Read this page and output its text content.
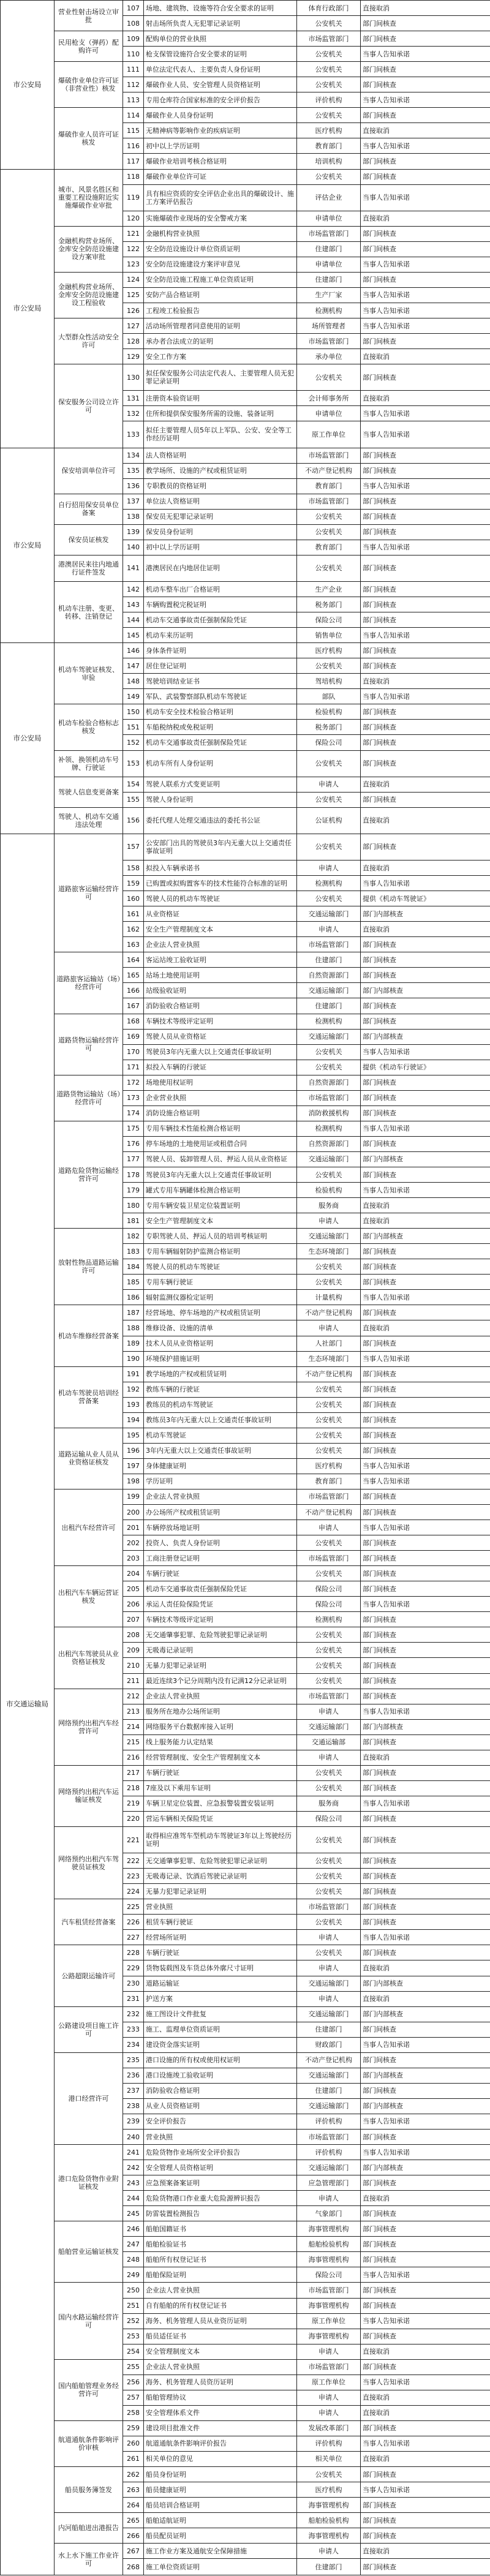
市公安局	营业性射击场设立审批	107	场地、建筑物、设施等符合安全要求的证明	体育行政部门	直接取消
		108	射击场所负责人无犯罪记录证明	公安机关	部门间核查
	民用枪支（弹药）配购许可	109	配购单位的营业执照	市场监管部门	部门间核查
		110	枪支保管设施符合安全要求的证明	公安机关	当事人告知承诺
	爆破作业单位许可证（非营业性）核发	111	单位法定代表人、主要负责人身份证明	公安机关	部门间核查
		112	爆破作业人员、安全管理人员资格证明	公安机关	部门间核查
		113	专用仓库符合国家标准的安全评价报告	评价机构	当事人告知承诺
	爆破作业人员许可证核发	114	爆破作业人员身份证明	公安机关	部门间核查
		115	无精神病等影响作业的疾病证明	医疗机构	直接取消
		116	初中以上学历证明	教育部门	当事人告知承诺
		117	爆破作业培训考核合格证明	培训机构	部门间核查
市公安局	城市、风景名胜区和重要工程设施附近实施爆破作业审批	118	爆破作业单位许可证	公安机关	部门间核查
		119	具有相应资质的安全评估企业出具的爆破设计、施工方案评估报告	评估企业	当事人告知承诺
		120	实施爆破作业现场的安全警戒方案	申请单位	直接取消
	金融机构营业场所、金库安全防范设施建设方案审批	121	金融机构营业执照	市场监管部门	部门间核查
		122	安全防范设施设计单位资质证明	住建部门	部门间核查
		123	安全防范设施建设方案评审意见	申请单位	当事人告知承诺
	金融机构营业场所、金库安全防范设施建设工程验收	124	安全防范设施工程施工单位资质证明	住建部门	部门间核查
		125	安防产品合格证明	生产厂家	当事人告知承诺
		126	工程竣工检验报告	检测机构	当事人告知承诺
	大型群众性活动安全许可	127	活动场所管理者同意使用的证明	场所管理者	当事人告知承诺
		128	承办者合法成立的证明	市场监管部门	部门间核查
		129	安全工作方案	承办单位	直接取消
	保安服务公司设立许可	130	拟任保安服务公司法定代表人、主要管理人员无犯罪记录证明	公安机关	部门间核查
		131	注册资本验资证明	会计师事务所	直接取消
		132	住所和提供保安服务所需的设施、装备证明	申请单位	当事人告知承诺
		133	拟任主要管理人员5年以上军队、公安、安全等工作经历证明	原工作单位	当事人告知承诺
市公安局	保安培训单位许可	134	法人资格证明	市场监管部门	部门间核查
		135	教学场所、设施的产权或租赁证明	不动产登记机构	部门间核查
		136	专职教员的资格证明	教育部门	当事人告知承诺
	自行招用保安员单位备案	137	单位法人资格证明	市场监管部门	部门间核查
		138	保安员无犯罪记录证明	公安机关	部门间核查
	保安员证核发	139	保安员身份证明	公安机关	部门间核查
		140	初中以上学历证明	教育部门	当事人告知承诺
	港澳居民来往内地通行证件签发	141	港澳居民在内地居住证明	公安机关	部门间核查
	机动车注册、变更、转移、注销登记	142	机动车整车出厂合格证明	生产企业	部门间核查
		143	车辆购置税完税证明	税务部门	部门间核查
		144	机动车交通事故责任强制保险凭证	保险公司	部门间核查
		145	机动车来历证明	销售单位	当事人告知承诺
市公安局	机动车驾驶证核发、审验	146	身体条件证明	医疗机构	部门间核查
		147	居住登记证明	公安机关	部门间核查
		148	驾驶培训结业证书	驾培机构	直接取消
		149	军队、武装警察部队机动车驾驶证	部队	当事人告知承诺
	机动车检验合格标志核发	150	机动车安全技术检验合格证明	检验机构	部门间核查
		151	车船税纳税或免税证明	税务部门	部门间核查
		152	机动车交通事故责任强制保险凭证	保险公司	部门间核查
	补领、换领机动车号牌、行驶证	153	机动车所有人身份证明	公安机关	部门间核查
	驾驶人信息变更备案	154	驾驶人联系方式变更证明	申请人	直接取消
		155	驾驶人身份证明	公安机关	部门间核查
	驾驶人、机动车交通违法处理	156	委托代理人处理交通违法的委托书公证	公证机构	直接取消
市交通运输局	道路旅客运输经营许可	157	公安部门出具的驾驶员3年内无重大以上交通责任事故证明	公安机关	部门间核查
		158	拟投入车辆承诺书	申请人	直接取消
		159	已购置或拟购置客车的技术性能符合标准的证明	检测机构	当事人告知承诺
		160	驾驶人员的机动车驾驶证	公安机关	提供《机动车驾驶证》
		161	从业资格证	交通运输部门	部门内部核查
		162	安全生产管理制度文本	申请人	直接取消
		163	企业法人营业执照	市场监管部门	部门间核查
	道路旅客运输站（场）经营许可	164	客运站竣工验收证明	住建部门	部门间核查
		165	站场土地使用证明	自然资源部门	部门间核查
		166	站级验收证明	交通运输部门	部门内部核查
		167	消防验收合格证明	住建部门	部门间核查
	道路货物运输经营许可	168	车辆技术等级评定证明	检测机构	部门间核查
		169	驾驶人员从业资格证	交通运输部门	部门内部核查
		170	驾驶员3年内无重大以上交通责任事故证明	公安机关	当事人告知承诺
		171	拟投入车辆的行驶证	公安机关	提供《机动车行驶证》
	道路货物运输站（场）经营许可	172	场地使用权证明	自然资源部门	部门间核查
		173	企业营业执照	市场监管部门	部门间核查
		174	消防设施合格证明	消防救援机构	部门间核查
	道路危险货物运输经营许可	175	专用车辆技术性能检测合格证明	检测机构	当事人告知承诺
		176	停车场地的土地使用证或租借合同	自然资源部门	部门间核查
		177	驾驶人员、装卸管理人员、押运人员从业资格证	交通运输部门	部门内部核查
		178	驾驶员3年内无重大以上交通责任事故证明	公安机关	部门间核查
		179	罐式专用车辆罐体检测合格证明	检验机构	当事人告知承诺
		180	专用车辆安装卫星定位装置证明	服务商	直接取消
		181	安全生产管理制度文本	申请人	直接取消
	放射性物品道路运输许可	182	专职驾驶人员、押运人员的培训考核证明	交通运输部门	部门内部核查
		183	专用车辆辐射防护监测合格证明	生态环境部门	部门间核查
		184	驾驶人员的机动车驾驶证	公安机关	部门间核查
		185	专用车辆行驶证	公安机关	部门间核查
		186	辐射监测仪器检定证明	计量机构	当事人告知承诺
	机动车维修经营备案	187	经营场地、停车场地的产权或租赁证明	不动产登记机构	部门间核查
		188	维修设备、设施的清单	申请人	直接取消
		189	技术人员从业资格证明	人社部门	部门间核查
		190	环境保护措施证明	生态环境部门	当事人告知承诺
	机动车驾驶员培训经营备案	191	教学场地的产权或租赁证明	不动产登记机构	部门间核查
		192	教练车辆的行驶证	公安机关	部门间核查
		193	教练员的机动车驾驶证	公安机关	部门间核查
		194	教练员3年内无重大以上交通责任事故证明	公安机关	部门间核查
	道路运输从业人员从业资格证核发	195	机动车驾驶证	公安机关	部门间核查
		196	3年内无重大以上交通责任事故证明	公安机关	部门间核查
		197	身体健康证明	医疗机构	当事人告知承诺
		198	学历证明	教育部门	当事人告知承诺
	出租汽车经营许可	199	企业法人营业执照	市场监管部门	部门间核查
		200	办公场所产权或租赁证明	不动产登记机构	部门间核查
		201	车辆停放场地证明	申请人	当事人告知承诺
		202	投资人、负责人身份证明	公安机关	部门间核查
		203	工商注册登记证明	市场监管部门	部门间核查
	出租汽车车辆运营证核发	204	车辆行驶证	公安机关	部门间核查
		205	机动车交通事故责任强制保险凭证	保险公司	部门间核查
		206	承运人责任险保险凭证	保险公司	当事人告知承诺
		207	车辆技术等级评定证明	检测机构	部门间核查
	出租汽车驾驶员从业资格证核发	208	无交通肇事犯罪、危险驾驶犯罪记录证明	公安机关	部门间核查
		209	无吸毒记录证明	公安机关	部门间核查
		210	无暴力犯罪记录证明	公安机关	部门间核查
		211	最近连续3个记分周期内没有记满12分记录证明	公安机关	部门间核查
	网络预约出租汽车经营许可	212	企业法人营业执照	市场监管部门	部门间核查
		213	服务所在地办公场所证明	申请人	当事人告知承诺
		214	网络服务平台数据库接入证明	交通运输部门	部门内部核查
		215	线上服务能力认定结果	交通运输部	部门间核查
		216	经营管理制度、安全生产管理制度文本	申请人	直接取消
	网络预约出租汽车运输证核发	217	车辆行驶证	公安机关	部门间核查
		218	7座及以下乘用车证明	公安机关	部门间核查
		219	车辆卫星定位装置、应急报警装置安装证明	服务商	当事人告知承诺
		220	营运车辆相关保险凭证	保险公司	部门间核查
	网络预约出租汽车驾驶员证核发	221	取得相应准驾车型机动车驾驶证3年以上驾驶经历证明	公安机关	部门间核查
		222	无交通肇事犯罪、危险驾驶犯罪记录证明	公安机关	部门间核查
		223	无吸毒记录、饮酒后驾驶记录证明	公安机关	部门间核查
		224	无暴力犯罪记录证明	公安机关	部门间核查
	汽车租赁经营备案	225	营业执照	市场监管部门	部门间核查
		226	租赁车辆行驶证	公安机关	部门间核查
		227	经营场所证明	申请人	当事人告知承诺
	公路超限运输许可	228	车辆行驶证	公安机关	部门间核查
		229	货物装载图及车货总体外廓尺寸证明	申请人	直接取消
		230	道路运输证	交通运输部门	部门内部核查
		231	护送方案	申请人	直接取消
	公路建设项目施工许可	232	施工图设计文件批复	交通运输部门	部门内部核查
		233	施工、监理单位资质证明	住建部门	部门间核查
		234	建设资金落实证明	财政部门	当事人告知承诺
	港口经营许可	235	港口设施的所有权或使用权证明	不动产登记机构	部门间核查
		236	港口设施竣工验收证明	交通运输部门	部门内部核查
		237	消防验收合格证明	住建部门	部门间核查
		238	从业人员资格证明	交通运输部门	部门内部核查
		239	安全评价报告	评价机构	当事人告知承诺
		240	营业执照	市场监管部门	部门间核查
	港口危险货物作业附证核发	241	危险货物作业场所安全评价报告	评价机构	当事人告知承诺
		242	安全管理人员资格证明	交通运输部门	部门内部核查
		243	应急预案备案证明	应急管理部门	部门间核查
		244	危险货物港口作业重大危险源辨识报告	申请人	直接取消
		245	防雷装置检测报告	气象部门	部门间核查
	船舶营业运输证核发	246	船舶国籍证书	海事管理机构	部门间核查
		247	船舶检验证书	船舶检验机构	部门间核查
		248	船舶所有权登记证书	海事管理机构	部门间核查
		249	船舶保险证明	保险公司	当事人告知承诺
	国内水路运输经营许可	250	企业法人营业执照	市场监管部门	部门间核查
		251	自有船舶的所有权登记证书	海事管理机构	部门间核查
		252	海务、机务管理人员从业资历证明	原工作单位	当事人告知承诺
		253	船员适任证书	海事管理机构	部门间核查
		254	安全管理制度文本	申请人	直接取消
	国内船舶管理业务经营许可	255	企业法人营业执照	市场监管部门	部门间核查
		256	海务、机务管理人员资历证明	原工作单位	当事人告知承诺
		257	船舶管理协议	申请人	直接取消
		258	安全管理体系文件	申请人	直接取消
	航道通航条件影响评价审核	259	建设项目批准文件	发展改革部门	部门间核查
		260	航道通航条件影响评价报告	评价机构	当事人告知承诺
		261	相关单位的意见	相关单位	直接取消
	船员服务簿签发	262	船员身份证明	公安机关	部门间核查
		263	船员健康证明	医疗机构	当事人告知承诺
		264	船员培训合格证明	海事管理机构	部门间核查
	内河船舶进出港报告	265	船舶适航证明	船舶检验机构	部门间核查
		266	船员配员证明	海事管理机构	部门间核查
	水上水下施工作业许可	267	施工作业方案及通航安全保障措施	申请人	直接取消
		268	施工单位资质证明	住建部门	部门间核查
